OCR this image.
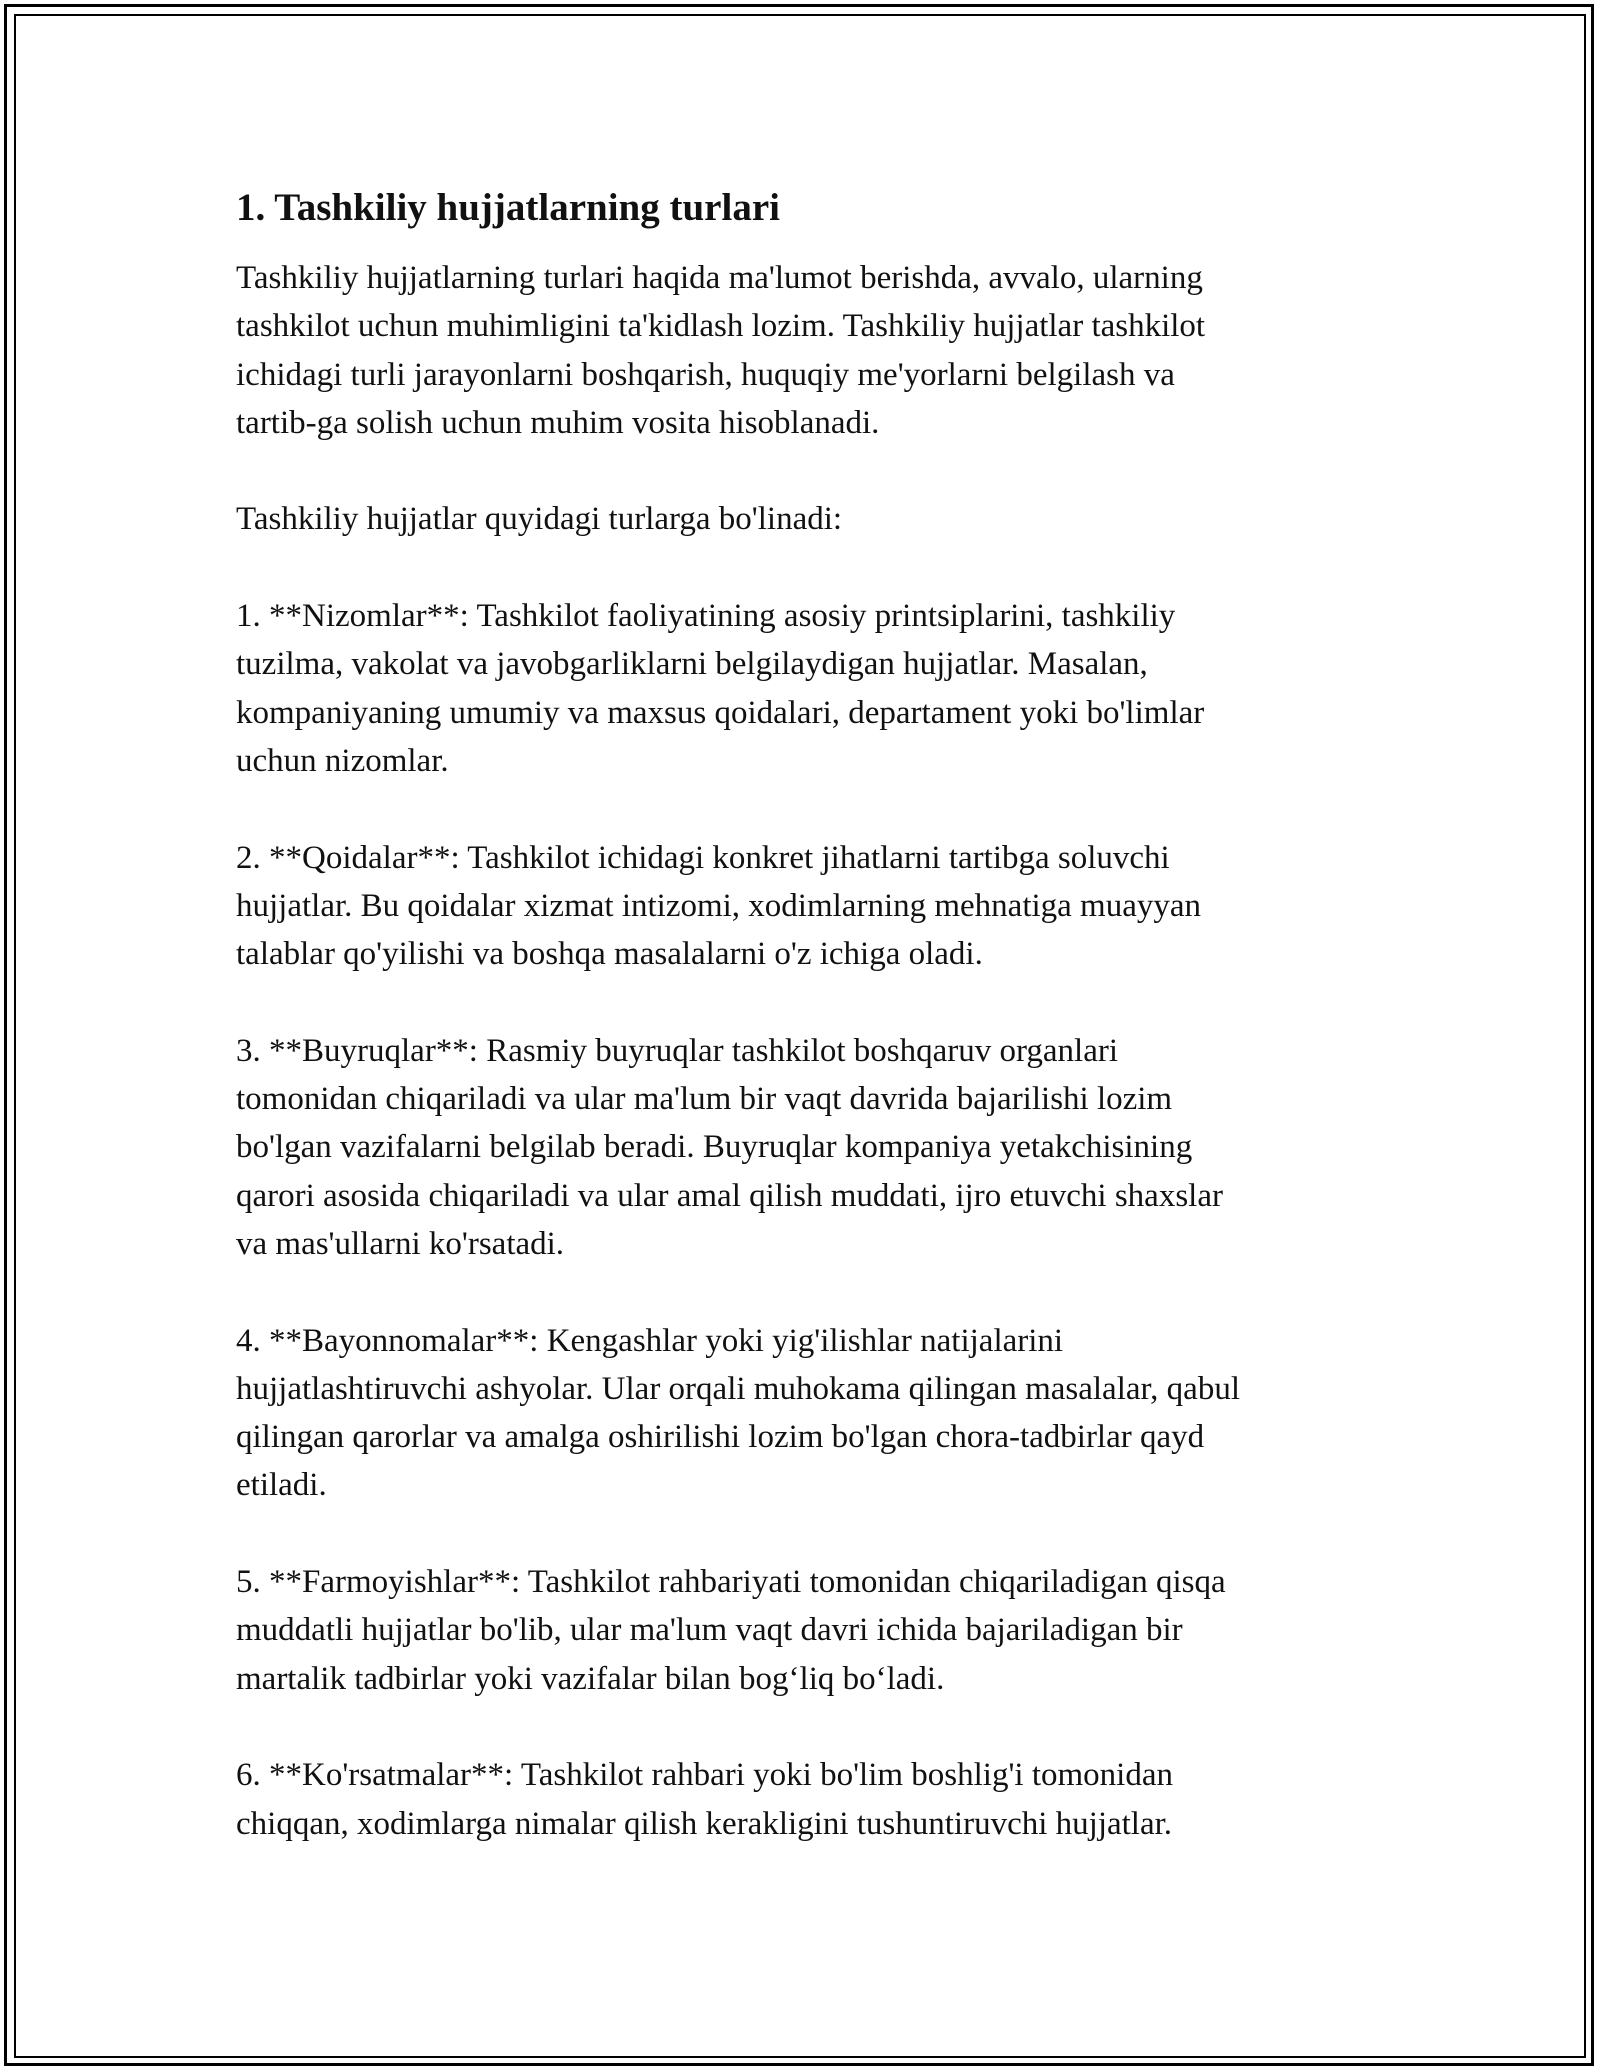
1. Tashkiliy hujjatlarning turlari

Tashkiliy hujjatlarning turlari haqida ma'lumot berishda, avvalo, ularning
tashkilot uchun muhimligini ta'kidlash lozim. Tashkiliy hujjatlar tashkilot
ichidagi turli jarayonlarni boshqarish, huquqiy me'yorlarni belgilash va
tartib-ga solish uchun muhim vosita hisoblanadi.

Tashkiliy hujjatlar quyidagi turlarga bo'linadi:

1. **Nizomlar**: Tashkilot faoliyatining asosiy printsiplarini, tashkiliy
tuzilma, vakolat va javobgarliklarni belgilaydigan hujjatlar. Masalan,
kompaniyaning umumiy va maxsus qoidalari, departament yoki bo'limlar
uchun nizomlar.

2. **Qoidalar**: Tashkilot ichidagi konkret jihatlarni tartibga soluvchi
hujjatlar. Bu qoidalar xizmat intizomi, xodimlarning mehnatiga muayyan
talablar qo'yilishi va boshqa masalalarni o'z ichiga oladi.

3. **Buyruqlar**: Rasmiy buyruqlar tashkilot boshqaruv organlari
tomonidan chiqariladi va ular ma'lum bir vaqt davrida bajarilishi lozim
bo'lgan vazifalarni belgilab beradi. Buyruqlar kompaniya yetakchisining
qarori asosida chiqariladi va ular amal qilish muddati, ijro etuvchi shaxslar
va mas'ullarni ko'rsatadi.

4. **Bayonnomalar**: Kengashlar yoki yig'ilishlar natijalarini
hujjatlashtiruvchi ashyolar. Ular orqali muhokama qilingan masalalar, qabul
qilingan qarorlar va amalga oshirilishi lozim bo'lgan chora-tadbirlar qayd
etiladi.

5. **Farmoyishlar**: Tashkilot rahbariyati tomonidan chiqariladigan qisqa
muddatli hujjatlar bo'lib, ular ma'lum vaqt davri ichida bajariladigan bir
martalik tadbirlar yoki vazifalar bilan bog‘liq bo‘ladi.

6. **Ko'rsatmalar**: Tashkilot rahbari yoki bo'lim boshlig'i tomonidan
chiqqan, xodimlarga nimalar qilish kerakligini tushuntiruvchi hujjatlar.
